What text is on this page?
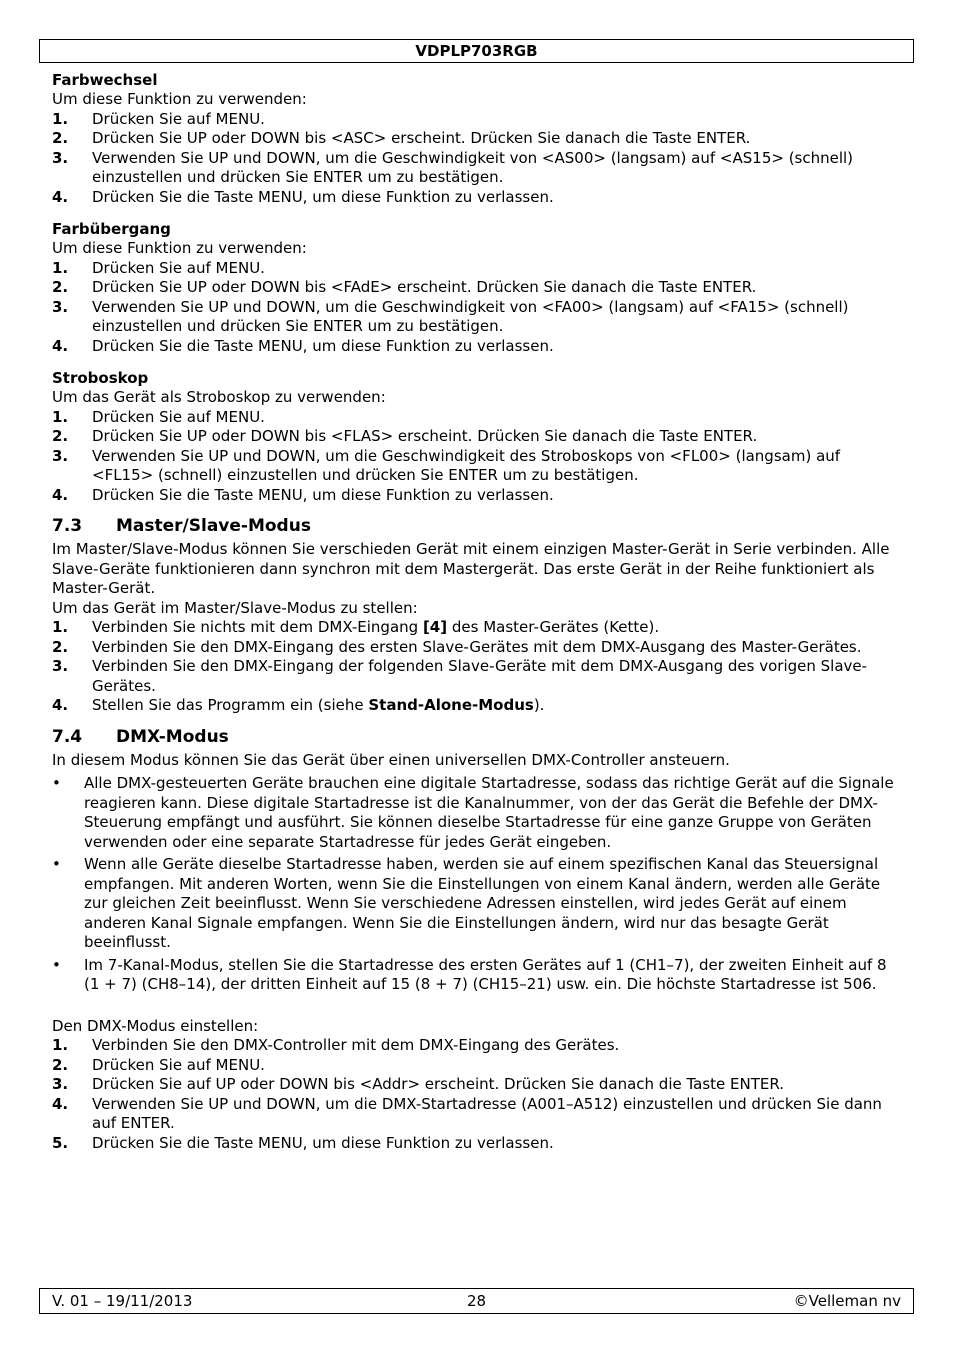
VDPLP703RGB
Farbwechsel

Um diese Funktion zu verwenden:

1. Drücken Sie auf MENU.
2. Drücken Sie UP oder DOWN bis <ASC> erscheint. Drücken Sie danach die Taste ENTER.
3. Verwenden Sie UP und DOWN, um die Geschwindigkeit von <AS00> (langsam) auf <AS15> (schnell) einzustellen und drücken Sie ENTER um zu bestätigen.
4. Drücken Sie die Taste MENU, um diese Funktion zu verlassen.
Farbübergang

Um diese Funktion zu verwenden:

1. Drücken Sie auf MENU.
2. Drücken Sie UP oder DOWN bis <FAdE> erscheint. Drücken Sie danach die Taste ENTER.
3. Verwenden Sie UP und DOWN, um die Geschwindigkeit von <FA00> (langsam) auf <FA15> (schnell) einzustellen und drücken Sie ENTER um zu bestätigen.
4. Drücken Sie die Taste MENU, um diese Funktion zu verlassen.
Stroboskop

Um das Gerät als Stroboskop zu verwenden:

1. Drücken Sie auf MENU.
2. Drücken Sie UP oder DOWN bis <FLAS> erscheint. Drücken Sie danach die Taste ENTER.
3. Verwenden Sie UP und DOWN, um die Geschwindigkeit des Stroboskops von <FL00> (langsam) auf <FL15> (schnell) einzustellen und drücken Sie ENTER um zu bestätigen.
4. Drücken Sie die Taste MENU, um diese Funktion zu verlassen.
7.3 Master/Slave-Modus

Im Master/Slave-Modus können Sie verschieden Gerät mit einem einzigen Master-Gerät in Serie verbinden. Alle Slave-Geräte funktionieren dann synchron mit dem Mastergerät. Das erste Gerät in der Reihe funktioniert als Master-Gerät.

Um das Gerät im Master/Slave-Modus zu stellen:

1. Verbinden Sie nichts mit dem DMX-Eingang [4] des Master-Gerätes (Kette).
2. Verbinden Sie den DMX-Eingang des ersten Slave-Gerätes mit dem DMX-Ausgang des Master-Gerätes.
3. Verbinden Sie den DMX-Eingang der folgenden Slave-Geräte mit dem DMX-Ausgang des vorigen Slave-Gerätes.
4. Stellen Sie das Programm ein (siehe Stand-Alone-Modus).
7.4 DMX-Modus

In diesem Modus können Sie das Gerät über einen universellen DMX-Controller ansteuern.

• Alle DMX-gesteuerten Geräte brauchen eine digitale Startadresse, sodass das richtige Gerät auf die Signale reagieren kann. Diese digitale Startadresse ist die Kanalnummer, von der das Gerät die Befehle der DMX-Steuerung empfängt und ausführt. Sie können dieselbe Startadresse für eine ganze Gruppe von Geräten verwenden oder eine separate Startadresse für jedes Gerät eingeben.
• Wenn alle Geräte dieselbe Startadresse haben, werden sie auf einem spezifischen Kanal das Steuersignal empfangen. Mit anderen Worten, wenn Sie die Einstellungen von einem Kanal ändern, werden alle Geräte zur gleichen Zeit beeinflusst. Wenn Sie verschiedene Adressen einstellen, wird jedes Gerät auf einem anderen Kanal Signale empfangen. Wenn Sie die Einstellungen ändern, wird nur das besagte Gerät beeinflusst.
• Im 7-Kanal-Modus, stellen Sie die Startadresse des ersten Gerätes auf 1 (CH1–7), der zweiten Einheit auf 8 (1 + 7) (CH8–14), der dritten Einheit auf 15 (8 + 7) (CH15–21) usw. ein. Die höchste Startadresse ist 506.

Den DMX-Modus einstellen:

1. Verbinden Sie den DMX-Controller mit dem DMX-Eingang des Gerätes.
2. Drücken Sie auf MENU.
3. Drücken Sie auf UP oder DOWN bis <Addr> erscheint. Drücken Sie danach die Taste ENTER.
4. Verwenden Sie UP und DOWN, um die DMX-Startadresse (A001–A512) einzustellen und drücken Sie dann auf ENTER.
5. Drücken Sie die Taste MENU, um diese Funktion zu verlassen.
V. 01 – 19/11/2013	28	©Velleman nv
